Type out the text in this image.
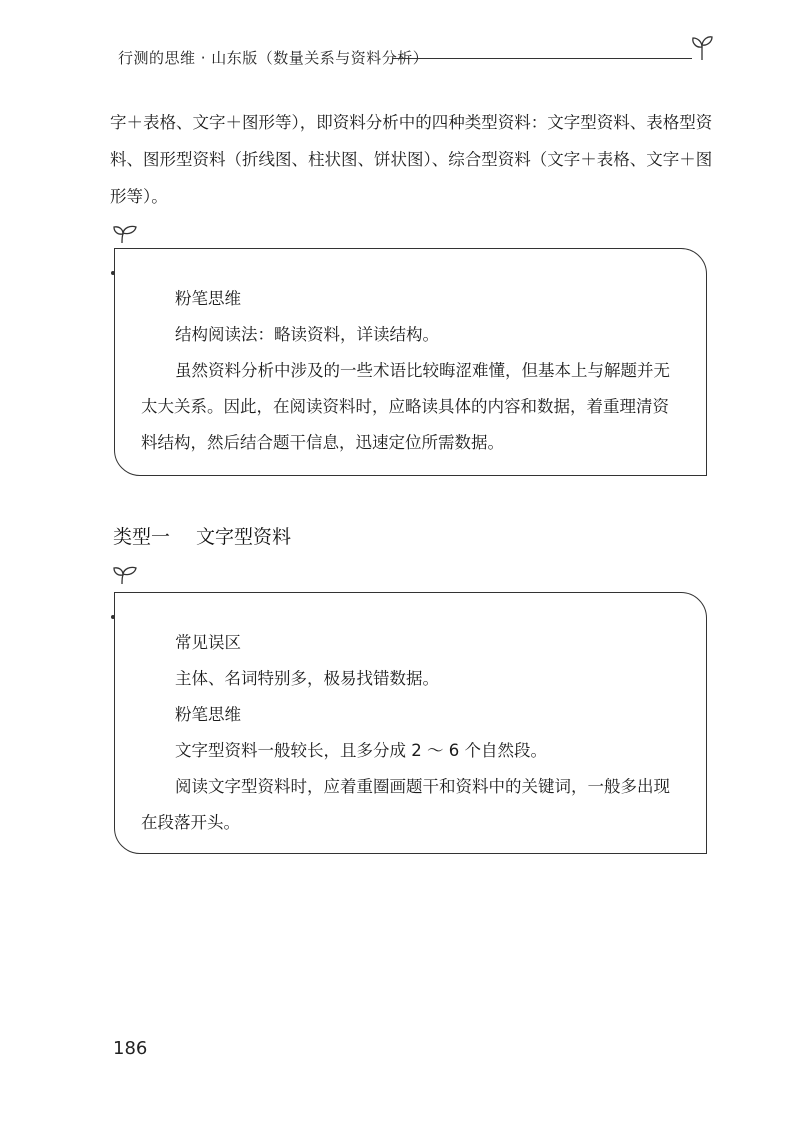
行测的思维 · 山东版（数量关系与资料分析）

字＋表格、文字＋图形等），即资料分析中的四种类型资料：文字型资料、表格型资料、图形型资料（折线图、柱状图、饼状图）、综合型资料（文字＋表格、文字＋图形等）。

粉笔思维

结构阅读法：略读资料，详读结构。

虽然资料分析中涉及的一些术语比较晦涩难懂，但基本上与解题并无太大关系。因此，在阅读资料时，应略读具体的内容和数据，着重理清资料结构，然后结合题干信息，迅速定位所需数据。

类型一 文字型资料

常见误区

主体、名词特别多，极易找错数据。

粉笔思维

文字型资料一般较长，且多分成 2 ～ 6 个自然段。

阅读文字型资料时，应着重圈画题干和资料中的关键词，一般多出现在段落开头。

186
